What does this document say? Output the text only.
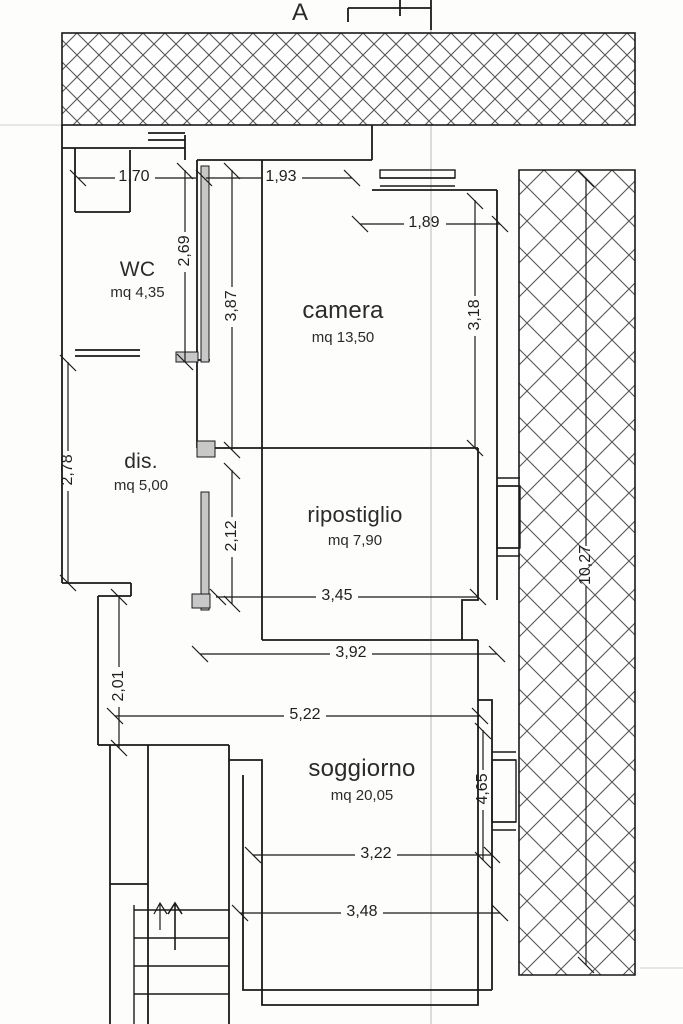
WC
mq 4,35
dis.
mq 5,00
camera
mq 13,50
ripostiglio
mq 7,90
soggiorno
mq 20,05
A
1,70	1,93
1,89
3,45
3,92
5,22
3,22
3,48
2,69
3,87	3,18
2,78
2,12
2,01
4,65
10,27
